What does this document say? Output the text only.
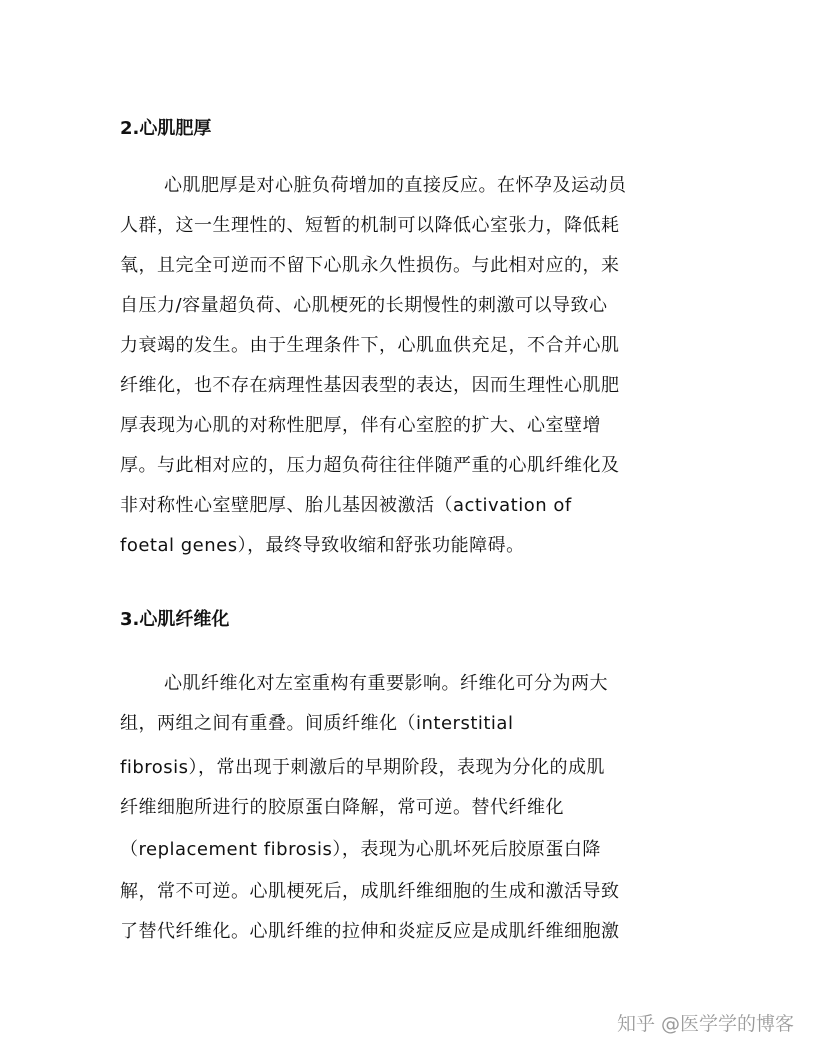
2.心肌肥厚
心肌肥厚是对心脏负荷增加的直接反应。在怀孕及运动员
人群，这一生理性的、短暂的机制可以降低心室张力，降低耗
氧，且完全可逆而不留下心肌永久性损伤。与此相对应的，来
自压力/容量超负荷、心肌梗死的长期慢性的刺激可以导致心
力衰竭的发生。由于生理条件下，心肌血供充足，不合并心肌
纤维化，也不存在病理性基因表型的表达，因而生理性心肌肥
厚表现为心肌的对称性肥厚，伴有心室腔的扩大、心室壁增
厚。与此相对应的，压力超负荷往往伴随严重的心肌纤维化及
非对称性心室壁肥厚、胎儿基因被激活（activation of
foetal genes），最终导致收缩和舒张功能障碍。
3.心肌纤维化
心肌纤维化对左室重构有重要影响。纤维化可分为两大
组，两组之间有重叠。间质纤维化（interstitial
fibrosis），常出现于刺激后的早期阶段，表现为分化的成肌
纤维细胞所进行的胶原蛋白降解，常可逆。替代纤维化
（replacement fibrosis），表现为心肌坏死后胶原蛋白降
解，常不可逆。心肌梗死后，成肌纤维细胞的生成和激活导致
了替代纤维化。心肌纤维的拉伸和炎症反应是成肌纤维细胞激
知乎 @医学学的博客
